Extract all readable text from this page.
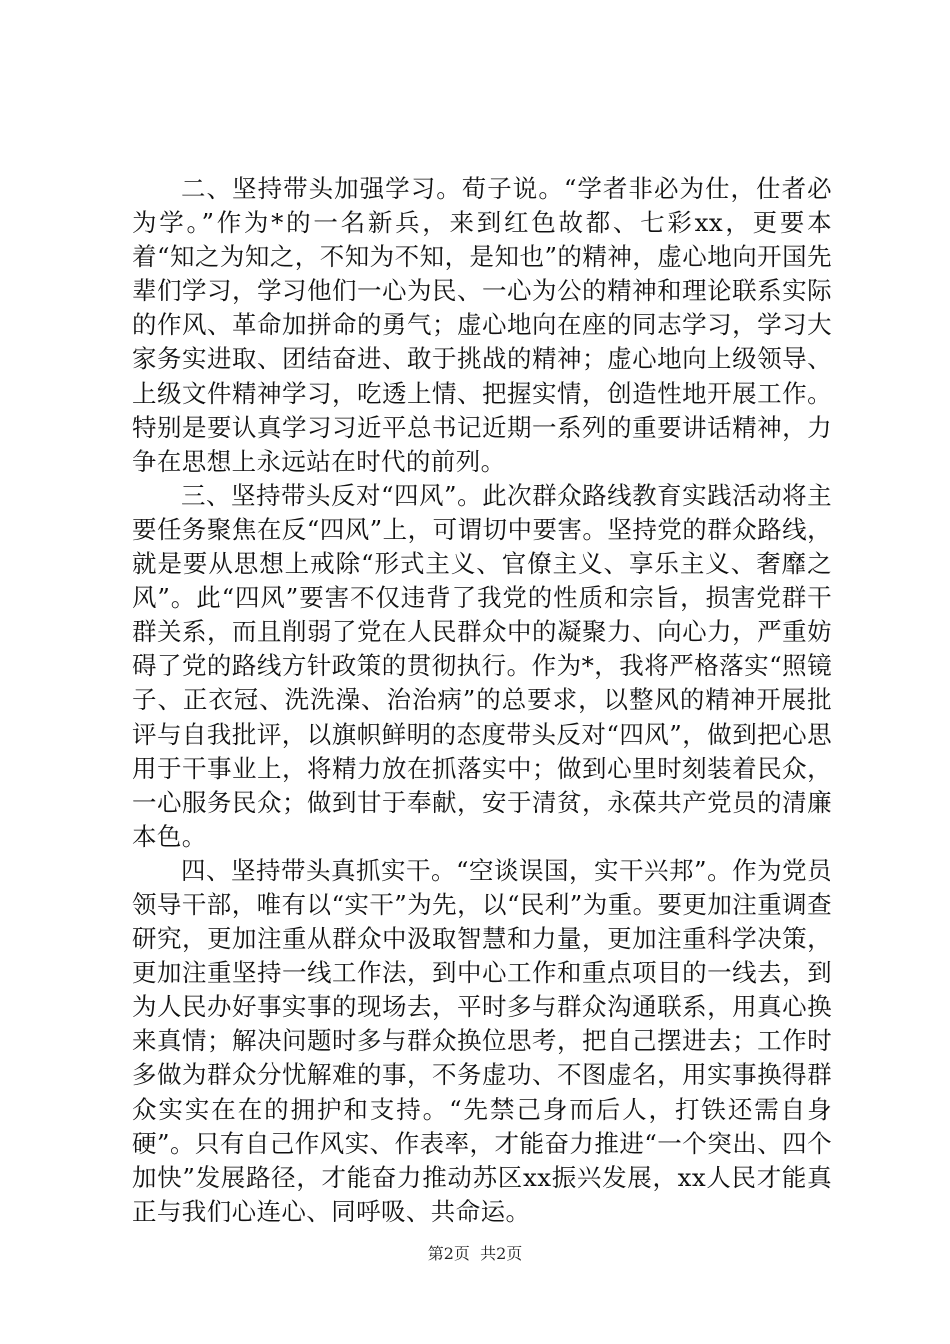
二、坚持带头加强学习。荀子说。“学者非必为仕，仕者必为学。”作为*的一名新兵，来到红色故都、七彩xx，更要本着“知之为知之，不知为不知，是知也”的精神，虚心地向开国先辈们学习，学习他们一心为民、一心为公的精神和理论联系实际的作风、革命加拼命的勇气；虚心地向在座的同志学习，学习大家务实进取、团结奋进、敢于挑战的精神；虚心地向上级领导、上级文件精神学习，吃透上情、把握实情，创造性地开展工作。特别是要认真学习习近平总书记近期一系列的重要讲话精神，力争在思想上永远站在时代的前列。

三、坚持带头反对“四风”。此次群众路线教育实践活动将主要任务聚焦在反“四风”上，可谓切中要害。坚持党的群众路线，就是要从思想上戒除“形式主义、官僚主义、享乐主义、奢靡之风”。此“四风”要害不仅违背了我党的性质和宗旨，损害党群干群关系，而且削弱了党在人民群众中的凝聚力、向心力，严重妨碍了党的路线方针政策的贯彻执行。作为*，我将严格落实“照镜子、正衣冠、洗洗澡、治治病”的总要求，以整风的精神开展批评与自我批评，以旗帜鲜明的态度带头反对“四风”，做到把心思用于干事业上，将精力放在抓落实中；做到心里时刻装着民众，一心服务民众；做到甘于奉献，安于清贫，永葆共产党员的清廉本色。

四、坚持带头真抓实干。“空谈误国，实干兴邦”。作为党员领导干部，唯有以“实干”为先，以“民利”为重。要更加注重调查研究，更加注重从群众中汲取智慧和力量，更加注重科学决策，更加注重坚持一线工作法，到中心工作和重点项目的一线去，到为人民办好事实事的现场去，平时多与群众沟通联系，用真心换来真情；解决问题时多与群众换位思考，把自己摆进去；工作时多做为群众分忧解难的事，不务虚功、不图虚名，用实事换得群众实实在在的拥护和支持。“先禁己身而后人，打铁还需自身硬”。只有自己作风实、作表率，才能奋力推进“一个突出、四个加快”发展路径，才能奋力推动苏区xx振兴发展，xx人民才能真正与我们心连心、同呼吸、共命运。

第2页  共2页
